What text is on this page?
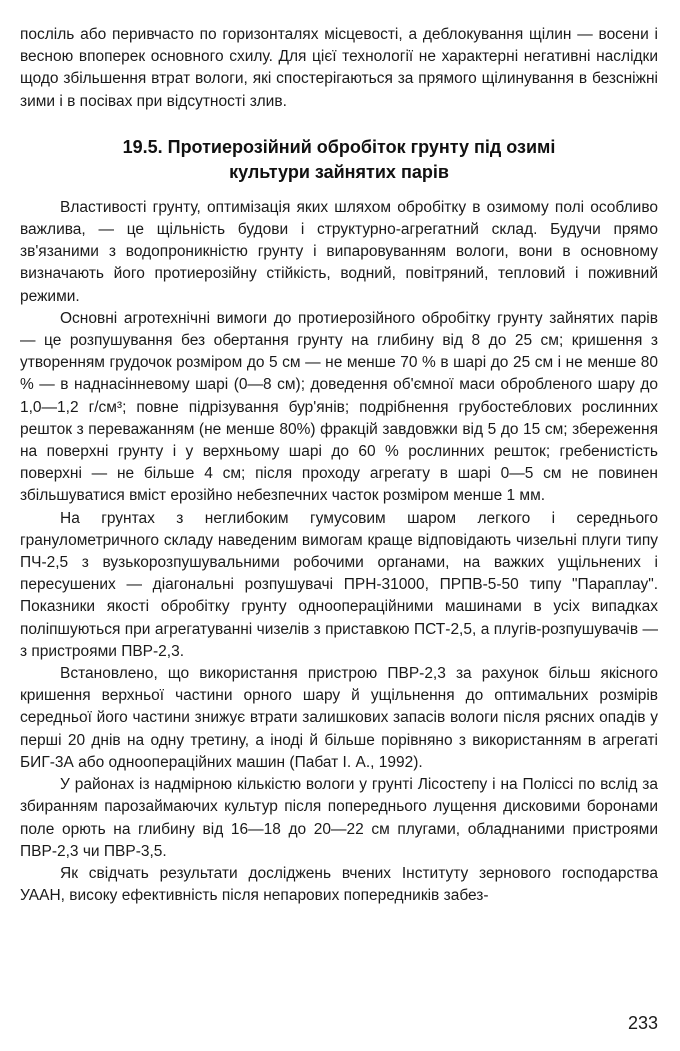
посліль або перивчасто по горизонталях місцевості, а деблокування щілин — восени і весною впоперек основного схилу. Для цієї технології не характерні негативні наслідки щодо збільшення втрат вологи, які спостерігаються за прямого щілинування в безсніжні зими і в посівах при відсутності злив.

19.5. Протиерозійний обробіток грунту під озимі
культури зайнятих парів

Властивості грунту, оптимізація яких шляхом обробітку в озимому полі особливо важлива, — це щільність будови і структурно-агрегатний склад. Будучи прямо зв'язаними з водопроникністю грунту і випаровуванням вологи, вони в основному визначають його протиерозійну стійкість, водний, повітряний, тепловий і поживний режими.

Основні агротехнічні вимоги до протиерозійного обробітку грунту зайнятих парів — це розпушування без обертання грунту на глибину від 8 до 25 см; кришення з утворенням грудочок розміром до 5 см — не менше 70 % в шарі до 25 см і не менше 80 % — в наднасінневому шарі (0—8 см); доведення об'ємної маси обробленого шару до 1,0—1,2 г/см³; повне підрізування бур'янів; подрібнення грубостеблових рослинних решток з переважанням (не менше 80%) фракцій завдовжки від 5 до 15 см; збереження на поверхні грунту і у верхньому шарі до 60 % рослинних решток; гребенистість поверхні — не більше 4 см; після проходу агрегату в шарі 0—5 см не повинен збільшуватися вміст ерозійно небезпечних часток розміром менше 1 мм.

На грунтах з неглибоким гумусовим шаром легкого і середнього гранулометричного складу наведеним вимогам краще відповідають чизельні плуги типу ПЧ-2,5 з вузькорозпушувальними робочими органами, на важких ущільнених і пересушених — діагональні розпушувачі ПРН-31000, ПРПВ-5-50 типу "Параплау". Показники якості обробітку грунту одноопераційними машинами в усіх випадках поліпшуються при агрегатуванні чизелів з приставкою ПСТ-2,5, а плугів-розпушувачів — з пристроями ПВР-2,3.

Встановлено, що використання пристрою ПВР-2,3 за рахунок більш якісного кришення верхньої частини орного шару й ущільнення до оптимальних розмірів середньої його частини знижує втрати залишкових запасів вологи після рясних опадів у перші 20 днів на одну третину, а іноді й більше порівняно з використанням в агрегаті БИГ-3А або одноопераційних машин (Пабат І. А., 1992).

У районах із надмірною кількістю вологи у грунті Лісостепу і на Поліссі по вслід за збиранням парозаймаючих культур після попереднього лущення дисковими боронами поле орють на глибину від 16—18 до 20—22 см плугами, обладнаними пристроями ПВР-2,3 чи ПВР-3,5.

Як свідчать результати досліджень вчених Інституту зернового господарства УААН, високу ефективність після непарових попередників забез-

233
